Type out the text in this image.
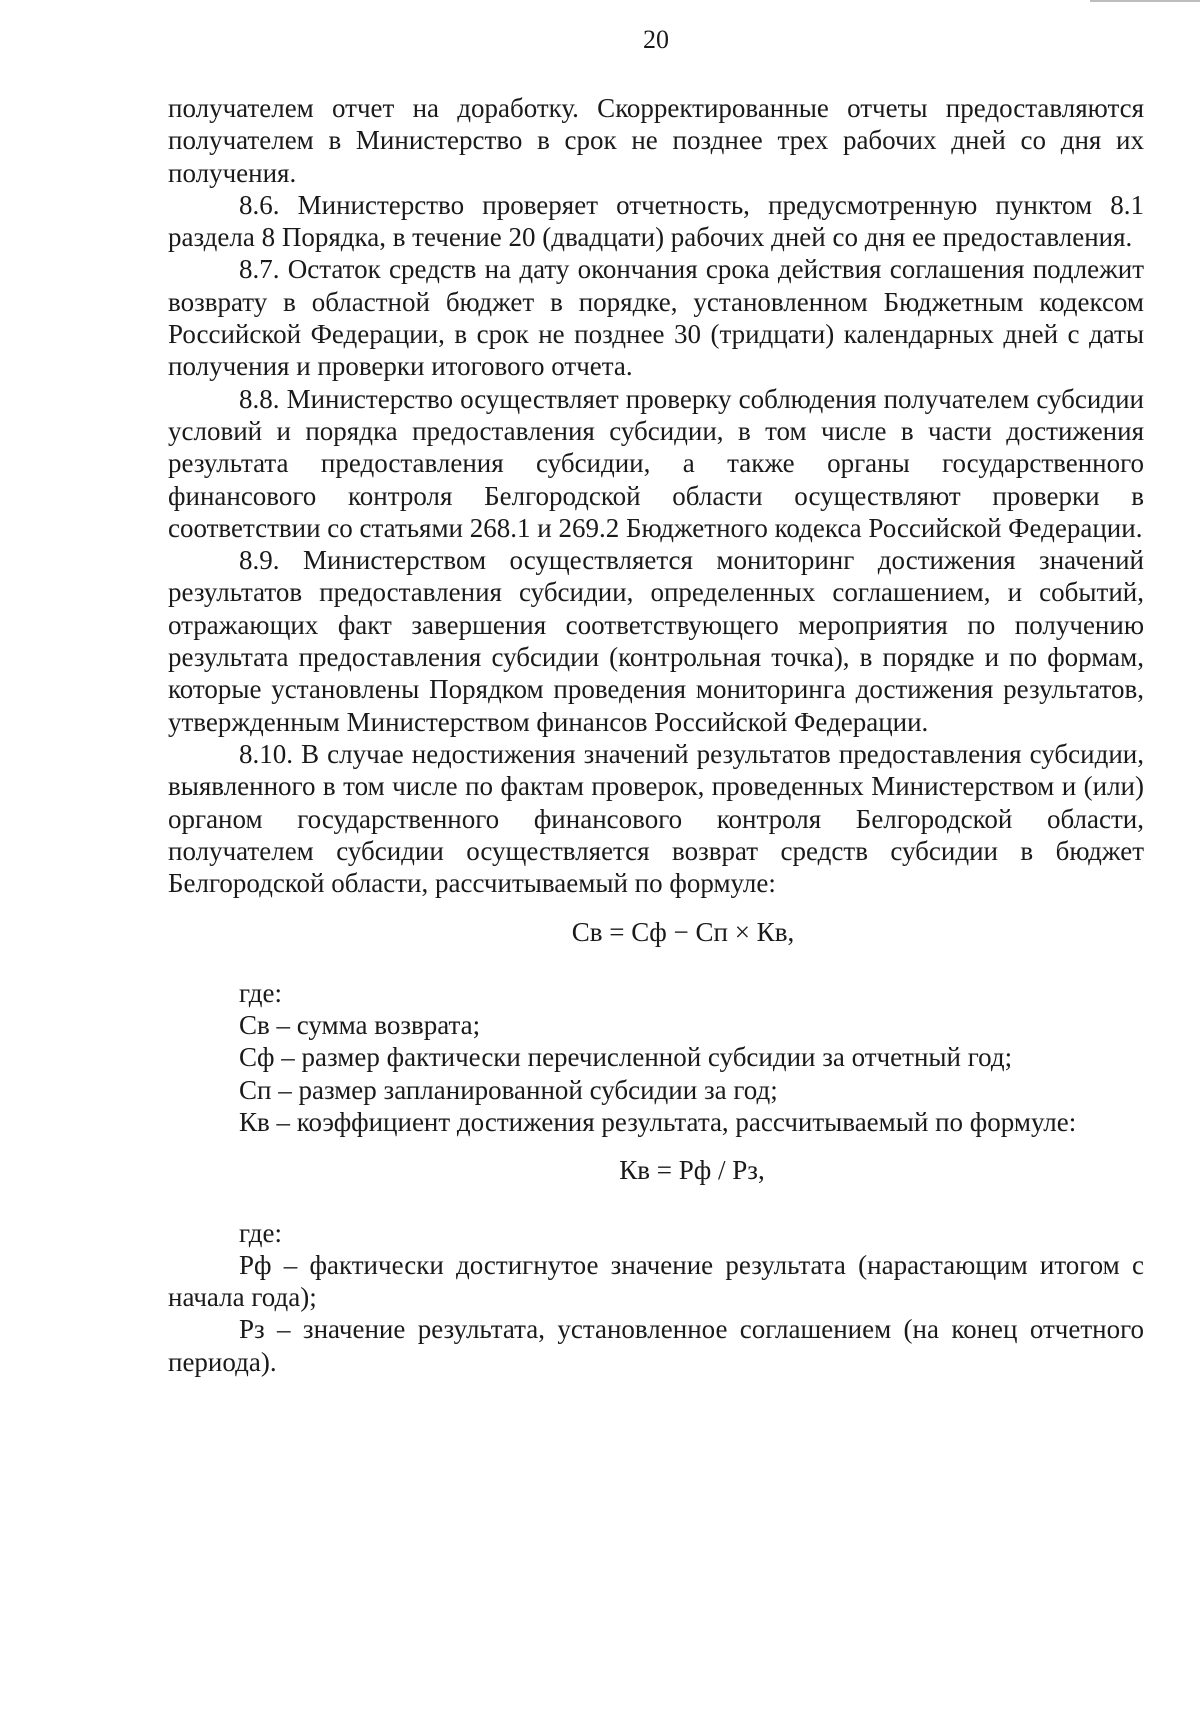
20

получателем отчет на доработку. Скорректированные отчеты предоставляются получателем в Министерство в срок не позднее трех рабочих дней со дня их получения.

8.6. Министерство проверяет отчетность, предусмотренную пунктом 8.1 раздела 8 Порядка, в течение 20 (двадцати) рабочих дней со дня ее предоставления.

8.7. Остаток средств на дату окончания срока действия соглашения подлежит возврату в областной бюджет в порядке, установленном Бюджетным кодексом Российской Федерации, в срок не позднее 30 (тридцати) календарных дней с даты получения и проверки итогового отчета.

8.8. Министерство осуществляет проверку соблюдения получателем субсидии условий и порядка предоставления субсидии, в том числе в части достижения результата предоставления субсидии, а также органы государственного финансового контроля Белгородской области осуществляют проверки в соответствии со статьями 268.1 и 269.2 Бюджетного кодекса Российской Федерации.

8.9. Министерством осуществляется мониторинг достижения значений результатов предоставления субсидии, определенных соглашением, и событий, отражающих факт завершения соответствующего мероприятия по получению результата предоставления субсидии (контрольная точка), в порядке и по формам, которые установлены Порядком проведения мониторинга достижения результатов, утвержденным Министерством финансов Российской Федерации.

8.10. В случае недостижения значений результатов предоставления субсидии, выявленного в том числе по фактам проверок, проведенных Министерством и (или) органом государственного финансового контроля Белгородской области, получателем субсидии осуществляется возврат средств субсидии в бюджет Белгородской области, рассчитываемый по формуле:

Св = Сф − Сп × Кв,

где:

Св – сумма возврата;

Сф – размер фактически перечисленной субсидии за отчетный год;

Сп – размер запланированной субсидии за год;

Кв – коэффициент достижения результата, рассчитываемый по формуле:

Кв = Рф / Рз,

где:

Рф – фактически достигнутое значение результата (нарастающим итогом с начала года);

Рз – значение результата, установленное соглашением (на конец отчетного периода).
